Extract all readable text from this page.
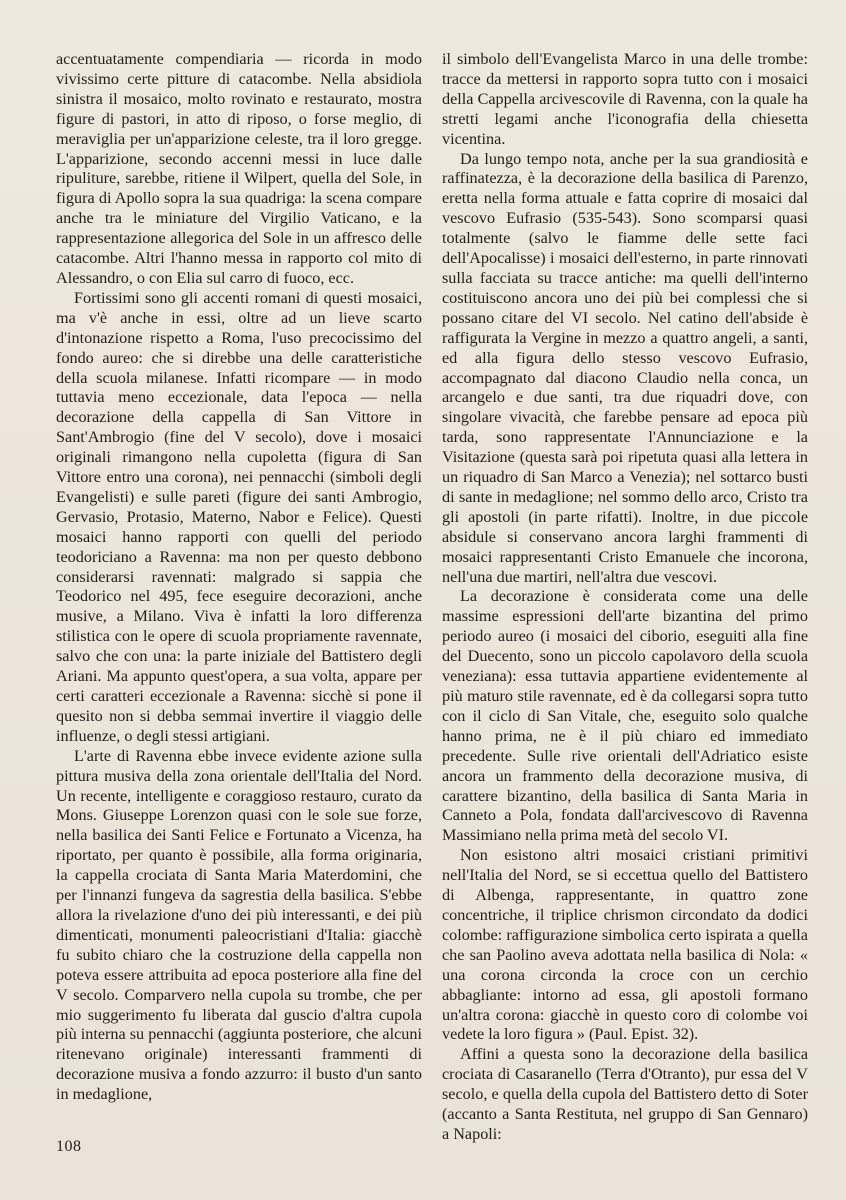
accentuatamente compendiaria — ricorda in modo vivissimo certe pitture di catacombe. Nella absidiola sinistra il mosaico, molto rovinato e restaurato, mostra figure di pastori, in atto di riposo, o forse meglio, di meraviglia per un'apparizione celeste, tra il loro gregge. L'apparizione, secondo accenni messi in luce dalle ripuliture, sarebbe, ritiene il Wilpert, quella del Sole, in figura di Apollo sopra la sua quadriga: la scena compare anche tra le miniature del Virgilio Vaticano, e la rappresentazione allegorica del Sole in un affresco delle catacombe. Altri l'hanno messa in rapporto col mito di Alessandro, o con Elia sul carro di fuoco, ecc.

Fortissimi sono gli accenti romani di questi mosaici, ma v'è anche in essi, oltre ad un lieve scarto d'intonazione rispetto a Roma, l'uso precocissimo del fondo aureo: che si direbbe una delle caratteristiche della scuola milanese. Infatti ricompare — in modo tuttavia meno eccezionale, data l'epoca — nella decorazione della cappella di San Vittore in Sant'Ambrogio (fine del V secolo), dove i mosaici originali rimangono nella cupoletta (figura di San Vittore entro una corona), nei pennacchi (simboli degli Evangelisti) e sulle pareti (figure dei santi Ambrogio, Gervasio, Protasio, Materno, Nabor e Felice). Questi mosaici hanno rapporti con quelli del periodo teodoriciano a Ravenna: ma non per questo debbono considerarsi ravennati: malgrado si sappia che Teodorico nel 495, fece eseguire decorazioni, anche musive, a Milano. Viva è infatti la loro differenza stilistica con le opere di scuola propriamente ravennate, salvo che con una: la parte iniziale del Battistero degli Ariani. Ma appunto quest'opera, a sua volta, appare per certi caratteri eccezionale a Ravenna: sicchè si pone il quesito non si debba semmai invertire il viaggio delle influenze, o degli stessi artigiani.

L'arte di Ravenna ebbe invece evidente azione sulla pittura musiva della zona orientale dell'Italia del Nord. Un recente, intelligente e coraggioso restauro, curato da Mons. Giuseppe Lorenzon quasi con le sole sue forze, nella basilica dei Santi Felice e Fortunato a Vicenza, ha riportato, per quanto è possibile, alla forma originaria, la cappella crociata di Santa Maria Materdomini, che per l'innanzi fungeva da sagrestia della basilica. S'ebbe allora la rivelazione d'uno dei più interessanti, e dei più dimenticati, monumenti paleocristiani d'Italia: giacchè fu subito chiaro che la costruzione della cappella non poteva essere attribuita ad epoca posteriore alla fine del V secolo. Comparvero nella cupola su trombe, che per mio suggerimento fu liberata dal guscio d'altra cupola più interna su pennacchi (aggiunta posteriore, che alcuni ritenevano originale) interessanti frammenti di decorazione musiva a fondo azzurro: il busto d'un santo in medaglione,

il simbolo dell'Evangelista Marco in una delle trombe: tracce da mettersi in rapporto sopra tutto con i mosaici della Cappella arcivescovile di Ravenna, con la quale ha stretti legami anche l'iconografia della chiesetta vicentina.

Da lungo tempo nota, anche per la sua grandiosità e raffinatezza, è la decorazione della basilica di Parenzo, eretta nella forma attuale e fatta coprire di mosaici dal vescovo Eufrasio (535-543). Sono scomparsi quasi totalmente (salvo le fiamme delle sette faci dell'Apocalisse) i mosaici dell'esterno, in parte rinnovati sulla facciata su tracce antiche: ma quelli dell'interno costituiscono ancora uno dei più bei complessi che si possano citare del VI secolo. Nel catino dell'abside è raffigurata la Vergine in mezzo a quattro angeli, a santi, ed alla figura dello stesso vescovo Eufrasio, accompagnato dal diacono Claudio nella conca, un arcangelo e due santi, tra due riquadri dove, con singolare vivacità, che farebbe pensare ad epoca più tarda, sono rappresentate l'Annunciazione e la Visitazione (questa sarà poi ripetuta quasi alla lettera in un riquadro di San Marco a Venezia); nel sottarco busti di sante in medaglione; nel sommo dello arco, Cristo tra gli apostoli (in parte rifatti). Inoltre, in due piccole absidule si conservano ancora larghi frammenti di mosaici rappresentanti Cristo Emanuele che incorona, nell'una due martiri, nell'altra due vescovi.

La decorazione è considerata come una delle massime espressioni dell'arte bizantina del primo periodo aureo (i mosaici del ciborio, eseguiti alla fine del Duecento, sono un piccolo capolavoro della scuola veneziana): essa tuttavia appartiene evidentemente al più maturo stile ravennate, ed è da collegarsi sopra tutto con il ciclo di San Vitale, che, eseguito solo qualche hanno prima, ne è il più chiaro ed immediato precedente. Sulle rive orientali dell'Adriatico esiste ancora un frammento della decorazione musiva, di carattere bizantino, della basilica di Santa Maria in Canneto a Pola, fondata dall'arcivescovo di Ravenna Massimiano nella prima metà del secolo VI.

Non esistono altri mosaici cristiani primitivi nell'Italia del Nord, se si eccettua quello del Battistero di Albenga, rappresentante, in quattro zone concentriche, il triplice chrismon circondato da dodici colombe: raffigurazione simbolica certo ispirata a quella che san Paolino aveva adottata nella basilica di Nola: « una corona circonda la croce con un cerchio abbagliante: intorno ad essa, gli apostoli formano un'altra corona: giacchè in questo coro di colombe voi vedete la loro figura » (Paul. Epist. 32).

Affini a questa sono la decorazione della basilica crociata di Casaranello (Terra d'Otranto), pur essa del V secolo, e quella della cupola del Battistero detto di Soter (accanto a Santa Restituta, nel gruppo di San Gennaro) a Napoli:

108
